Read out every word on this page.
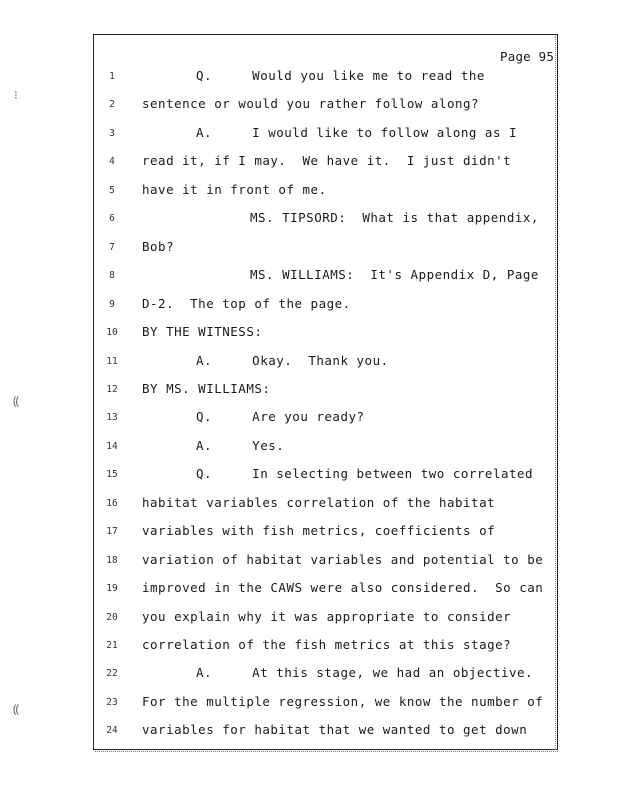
⁝
⸨
⸨
Page 95
1	Q.     Would you like me to read the
2	sentence or would you rather follow along?
3	A.     I would like to follow along as I
4	read it, if I may.  We have it.  I just didn't
5	have it in front of me.
6	MS. TIPSORD:  What is that appendix,
7	Bob?
8	MS. WILLIAMS:  It's Appendix D, Page
9	D-2.  The top of the page.
10	BY THE WITNESS:
11	A.     Okay.  Thank you.
12	BY MS. WILLIAMS:
13	Q.     Are you ready?
14	A.     Yes.
15	Q.     In selecting between two correlated
16	habitat variables correlation of the habitat
17	variables with fish metrics, coefficients of
18	variation of habitat variables and potential to be
19	improved in the CAWS were also considered.  So can
20	you explain why it was appropriate to consider
21	correlation of the fish metrics at this stage?
22	A.     At this stage, we had an objective.
23	For the multiple regression, we know the number of
24	variables for habitat that we wanted to get down
